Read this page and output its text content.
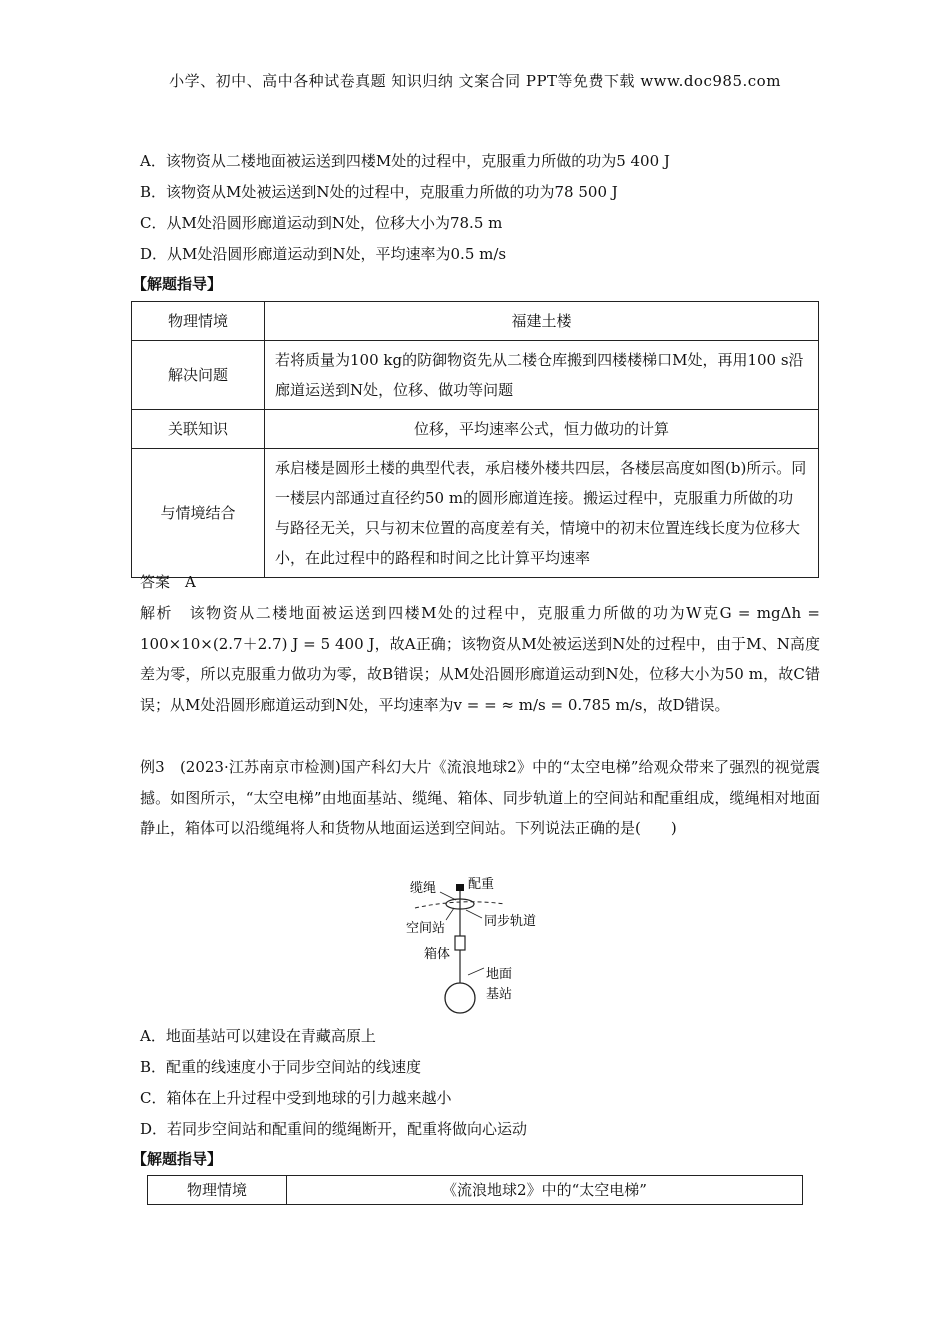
小学、初中、高中各种试卷真题 知识归纳 文案合同 PPT等免费下载 www.doc985.com
A．该物资从二楼地面被运送到四楼M处的过程中，克服重力所做的功为5 400 J
B．该物资从M处被运送到N处的过程中，克服重力所做的功为78 500 J
C．从M处沿圆形廊道运动到N处，位移大小为78.5 m
D．从M处沿圆形廊道运动到N处，平均速率为0.5 m/s
【解题指导】
物理情境	福建土楼
解决问题	若将质量为100 kg的防御物资先从二楼仓库搬到四楼楼梯口M处，再用100 s沿廊道运送到N处，位移、做功等问题
关联知识	位移，平均速率公式，恒力做功的计算
与情境结合	承启楼是圆形土楼的典型代表，承启楼外楼共四层，各楼层高度如图(b)所示。同一楼层内部通过直径约50 m的圆形廊道连接。搬运过程中，克服重力所做的功与路径无关，只与初末位置的高度差有关，情境中的初末位置连线长度为位移大小，在此过程中的路程和时间之比计算平均速率
答案　A
解析　该物资从二楼地面被运送到四楼M处的过程中，克服重力所做的功为W克G = mgΔh = 100×10×(2.7＋2.7) J = 5 400 J，故A正确；该物资从M处被运送到N处的过程中，由于M、N高度差为零，所以克服重力做功为零，故B错误；从M处沿圆形廊道运动到N处，位移大小为50 m，故C错误；从M处沿圆形廊道运动到N处，平均速率为v = = ≈ m/s = 0.785 m/s，故D错误。
例3　(2023·江苏南京市检测)国产科幻大片《流浪地球2》中的“太空电梯”给观众带来了强烈的视觉震撼。如图所示，“太空电梯”由地面基站、缆绳、箱体、同步轨道上的空间站和配重组成，缆绳相对地面静止，箱体可以沿缆绳将人和货物从地面运送到空间站。下列说法正确的是(　　)
缆绳 配重
空间站	同步轨道
箱体
地面
基站
A．地面基站可以建设在青藏高原上
B．配重的线速度小于同步空间站的线速度
C．箱体在上升过程中受到地球的引力越来越小
D．若同步空间站和配重间的缆绳断开，配重将做向心运动
【解题指导】
物理情境	《流浪地球2》中的“太空电梯”
